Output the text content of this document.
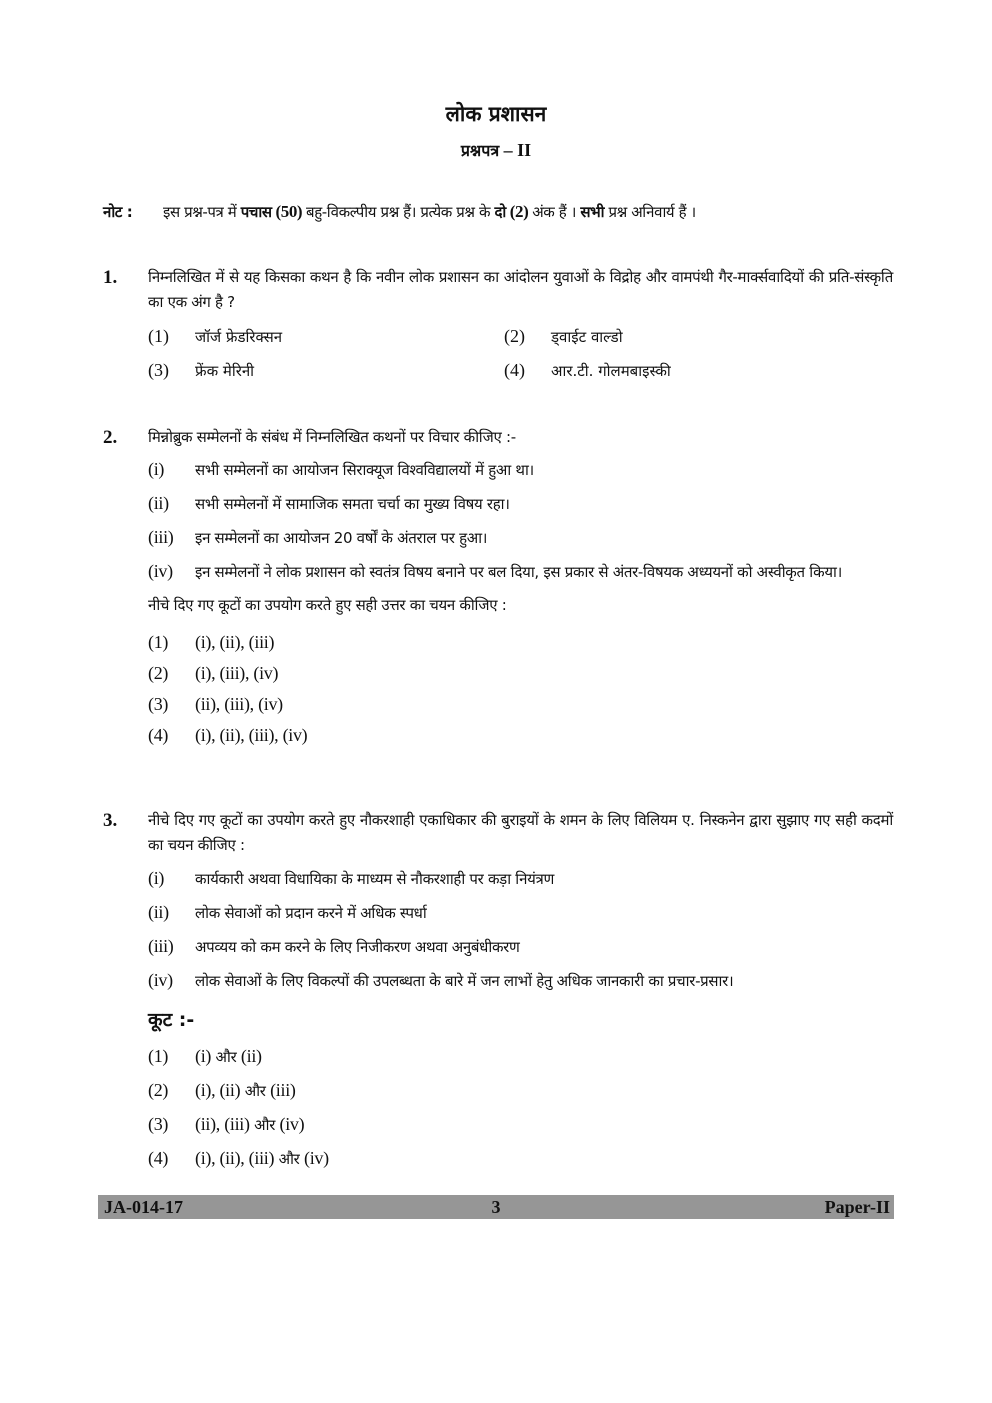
लोक प्रशासन
प्रश्नपत्र – II
नोट : इस प्रश्न-पत्र में पचास (50) बहु-विकल्पीय प्रश्न हैं। प्रत्येक प्रश्न के दो (2) अंक हैं । सभी प्रश्न अनिवार्य हैं ।
1. निम्नलिखित में से यह किसका कथन है कि नवीन लोक प्रशासन का आंदोलन युवाओं के विद्रोह और वामपंथी गैर-मार्क्सवादियों की प्रति-संस्कृति का एक अंग है ?
(1) जॉर्ज फ्रेडरिक्सन	(2) ड्वाईट वाल्डो
(3) फ्रेंक मेरिनी	(4) आर.टी. गोलमबाइस्की
2. मिन्नोब्रुक सम्मेलनों के संबंध में निम्नलिखित कथनों पर विचार कीजिए :-
(i) सभी सम्मेलनों का आयोजन सिराक्यूज विश्वविद्यालयों में हुआ था।
(ii) सभी सम्मेलनों में सामाजिक समता चर्चा का मुख्य विषय रहा।
(iii) इन सम्मेलनों का आयोजन 20 वर्षों के अंतराल पर हुआ।
(iv) इन सम्मेलनों ने लोक प्रशासन को स्वतंत्र विषय बनाने पर बल दिया, इस प्रकार से अंतर-विषयक अध्ययनों को अस्वीकृत किया।
नीचे दिए गए कूटों का उपयोग करते हुए सही उत्तर का चयन कीजिए :
(1) (i), (ii), (iii)
(2) (i), (iii), (iv)
(3) (ii), (iii), (iv)
(4) (i), (ii), (iii), (iv)
3. नीचे दिए गए कूटों का उपयोग करते हुए नौकरशाही एकाधिकार की बुराइयों के शमन के लिए विलियम ए. निस्कनेन द्वारा सुझाए गए सही कदमों का चयन कीजिए :
(i) कार्यकारी अथवा विधायिका के माध्यम से नौकरशाही पर कड़ा नियंत्रण
(ii) लोक सेवाओं को प्रदान करने में अधिक स्पर्धा
(iii) अपव्यय को कम करने के लिए निजीकरण अथवा अनुबंधीकरण
(iv) लोक सेवाओं के लिए विकल्पों की उपलब्धता के बारे में जन लाभों हेतु अधिक जानकारी का प्रचार-प्रसार।
कूट :-
(1) (i) और (ii)
(2) (i), (ii) और (iii)
(3) (ii), (iii) और (iv)
(4) (i), (ii), (iii) और (iv)
3
JA-014-17	Paper-II
